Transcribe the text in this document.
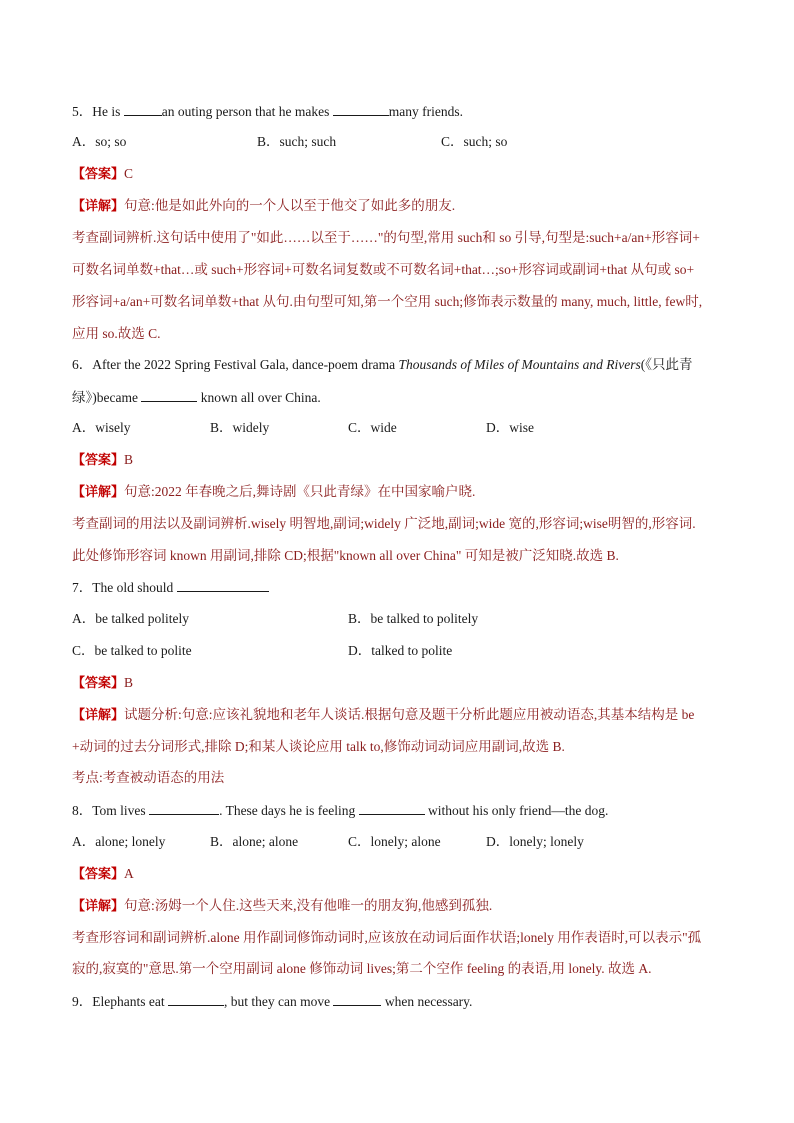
5．He is	an outing person that he makes	many friends.
A．so; so	B．such; such	C．such; so
【答案】C
【详解】句意:他是如此外向的一个人以至于他交了如此多的朋友.
考查副词辨析.这句话中使用了"如此……以至于……"的句型,常用 such和 so 引导,句型是:such+a/an+形容词+
可数名词单数+that…或 such+形容词+可数名词复数或不可数名词+that…;so+形容词或副词+that 从句或 so+
形容词+a/an+可数名词单数+that 从句.由句型可知,第一个空用 such;修饰表示数量的 many, much, little, few时,
应用 so.故选 C.
6．After the 2022 Spring Festival Gala, dance-poem drama Thousands of Miles of Mountains and Rivers(《只此青
绿》)became	known all over China.
A．wisely	B．widely	C．wide	D．wise
【答案】B
【详解】句意:2022 年春晚之后,舞诗剧《只此青绿》在中国家喻户晓.
考查副词的用法以及副词辨析.wisely 明智地,副词;widely 广泛地,副词;wide 宽的,形容词;wise明智的,形容词.
此处修饰形容词 known 用副词,排除 CD;根据"known all over China" 可知是被广泛知晓.故选 B.
7．The old should
A．be talked politely	B．be talked to politely
C．be talked to polite	D．talked to polite
【答案】B
【详解】试题分析:句意:应该礼貌地和老年人谈话.根据句意及题干分析此题应用被动语态,其基本结构是 be
+动词的过去分词形式,排除 D;和某人谈论应用 talk to,修饰动词动词应用副词,故选 B.
考点:考查被动语态的用法
8．Tom lives	. These days he is feeling	without his only friend—the dog.
A．alone; lonely	B．alone; alone	C．lonely; alone	D．lonely; lonely
【答案】A
【详解】句意:汤姆一个人住.这些天来,没有他唯一的朋友狗,他感到孤独.
考查形容词和副词辨析.alone 用作副词修饰动词时,应该放在动词后面作状语;lonely 用作表语时,可以表示"孤
寂的,寂寞的"意思.第一个空用副词 alone 修饰动词 lives;第二个空作 feeling 的表语,用 lonely. 故选 A.
9．Elephants eat	, but they can move	when necessary.
